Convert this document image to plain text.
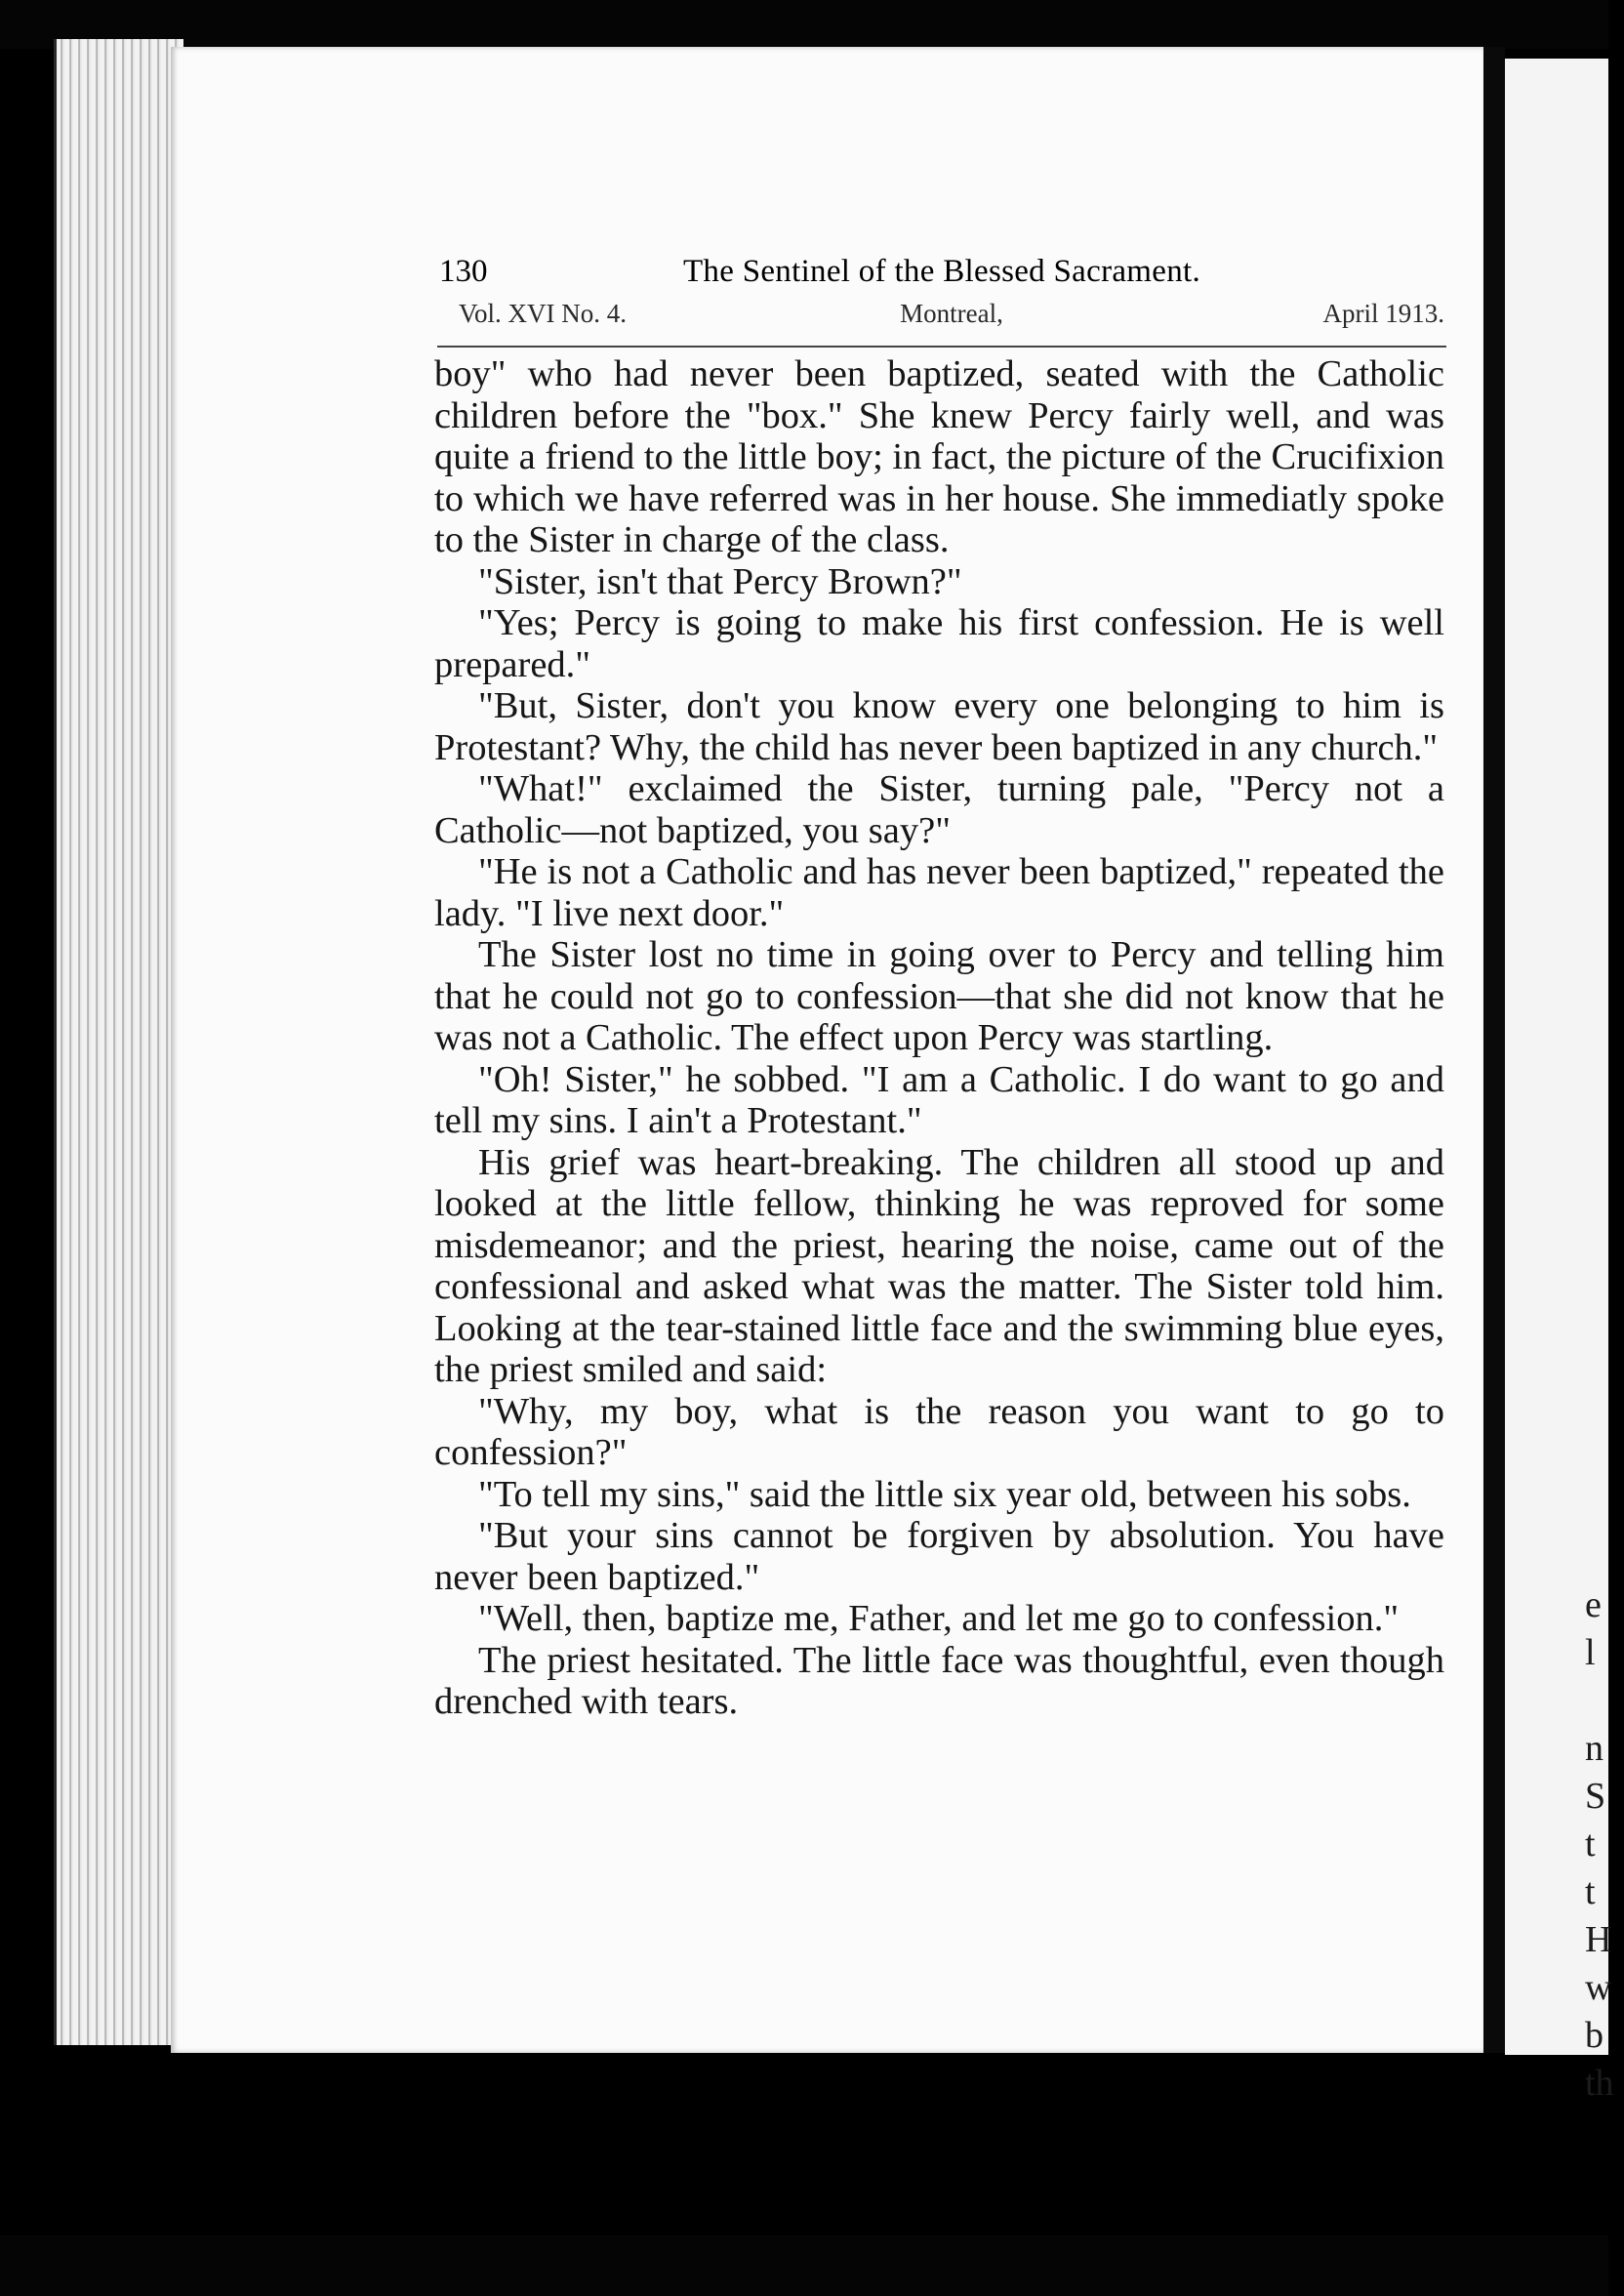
e
l

n
S
t
t
H
w
b
th
130	The Sentinel of the Blessed Sacrament.
Vol. XVI No. 4.	Montreal,	April 1913.

boy" who had never been baptized, seated with the Catholic children before the "box." She knew Percy fairly well, and was quite a friend to the little boy; in fact, the picture of the Crucifixion to which we have referred was in her house. She immediatly spoke to the Sister in charge of the class.

"Sister, isn't that Percy Brown?"

"Yes; Percy is going to make his first confession. He is well prepared."

"But, Sister, don't you know every one belonging to him is Protestant? Why, the child has never been baptized in any church."

"What!" exclaimed the Sister, turning pale, "Percy not a Catholic—not baptized, you say?"

"He is not a Catholic and has never been baptized," repeated the lady. "I live next door."

The Sister lost no time in going over to Percy and telling him that he could not go to confession—that she did not know that he was not a Catholic. The effect upon Percy was startling.

"Oh! Sister," he sobbed. "I am a Catholic. I do want to go and tell my sins. I ain't a Protestant."

His grief was heart-breaking. The children all stood up and looked at the little fellow, thinking he was reproved for some misdemeanor; and the priest, hearing the noise, came out of the confessional and asked what was the matter. The Sister told him. Looking at the tear-stained little face and the swimming blue eyes, the priest smiled and said:

"Why, my boy, what is the reason you want to go to confession?"

"To tell my sins," said the little six year old, between his sobs.

"But your sins cannot be forgiven by absolution. You have never been baptized."

"Well, then, baptize me, Father, and let me go to confession."

The priest hesitated. The little face was thoughtful, even though drenched with tears.
